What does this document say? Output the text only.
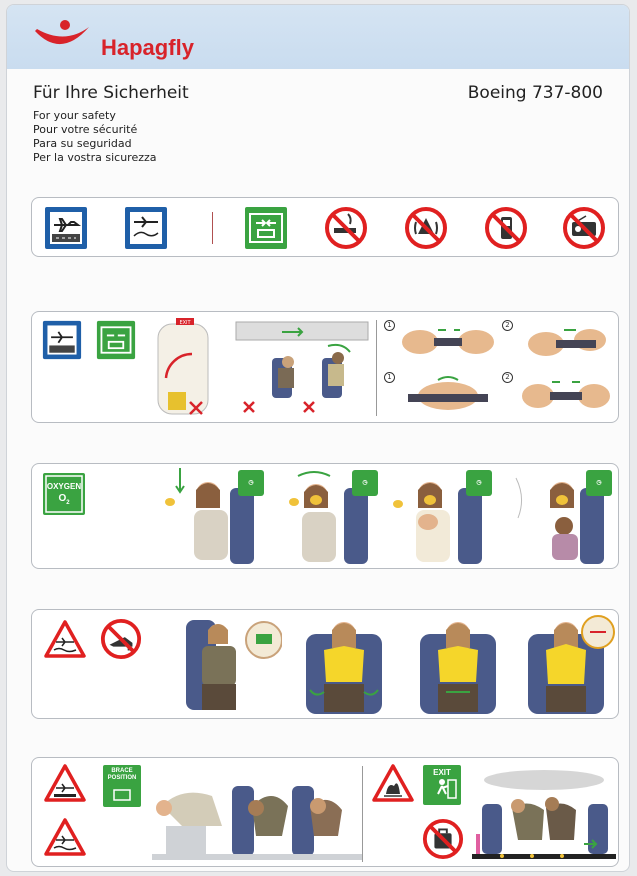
Hapagfly
Für Ihre Sicherheit	Boeing 737-800
For your safety
Pour votre sécurité
Para su seguridad
Per la vostra sicurezza
EXIT	1	2
1	2
OXYGEN
$O_2$
◷	◷	◷	◷
BRACE
POSITION
EXIT
